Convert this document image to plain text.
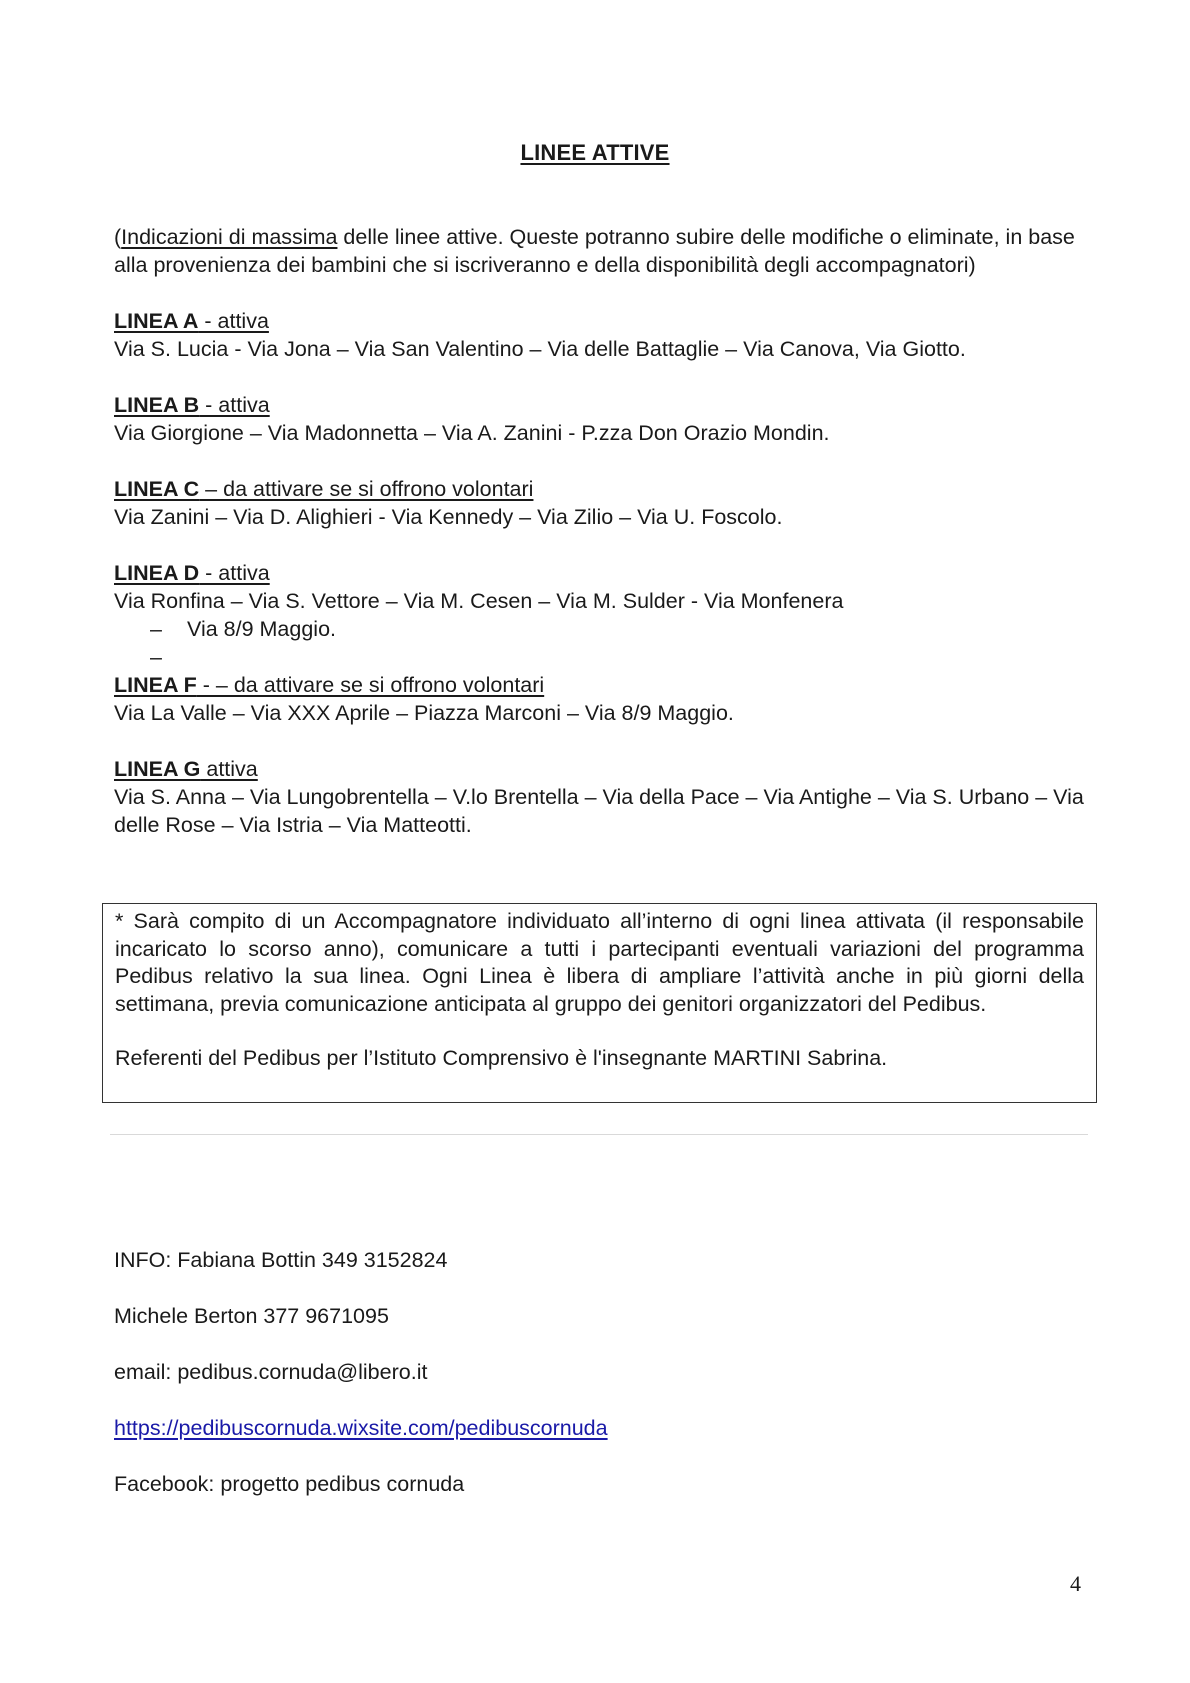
LINEE ATTIVE

(Indicazioni di massima delle linee attive. Queste potranno subire delle modifiche o eliminate, in base alla provenienza dei bambini che si iscriveranno e della disponibilità degli accompagnatori)

LINEA A - attiva

Via S. Lucia - Via Jona – Via San Valentino – Via delle Battaglie – Via Canova, Via Giotto.

LINEA B - attiva

Via Giorgione – Via Madonnetta – Via A. Zanini - P.zza Don Orazio Mondin.

LINEA C – da attivare se si offrono volontari

Via Zanini – Via D. Alighieri - Via Kennedy – Via Zilio – Via U. Foscolo.

LINEA D - attiva

Via Ronfina – Via S. Vettore – Via M. Cesen – Via M. Sulder - Via Monfenera

– Via 8/9 Maggio.
–

LINEA F - – da attivare se si offrono volontari

Via La Valle – Via XXX Aprile – Piazza Marconi – Via 8/9 Maggio.

LINEA G attiva

Via S. Anna – Via Lungobrentella – V.lo Brentella – Via della Pace – Via Antighe – Via S. Urbano – Via delle Rose – Via Istria – Via Matteotti.

* Sarà compito di un Accompagnatore individuato all’interno di ogni linea attivata (il responsabile incaricato lo scorso anno), comunicare a tutti i partecipanti eventuali variazioni del programma Pedibus relativo la sua linea. Ogni Linea è libera di ampliare l’attività anche in più giorni della settimana, previa comunicazione anticipata al gruppo dei genitori organizzatori del Pedibus.

Referenti del Pedibus per l’Istituto Comprensivo è l'insegnante MARTINI Sabrina.

INFO: Fabiana Bottin 349 3152824

Michele Berton 377 9671095

email: pedibus.cornuda@libero.it

https://pedibuscornuda.wixsite.com/pedibuscornuda

Facebook: progetto pedibus cornuda

4
